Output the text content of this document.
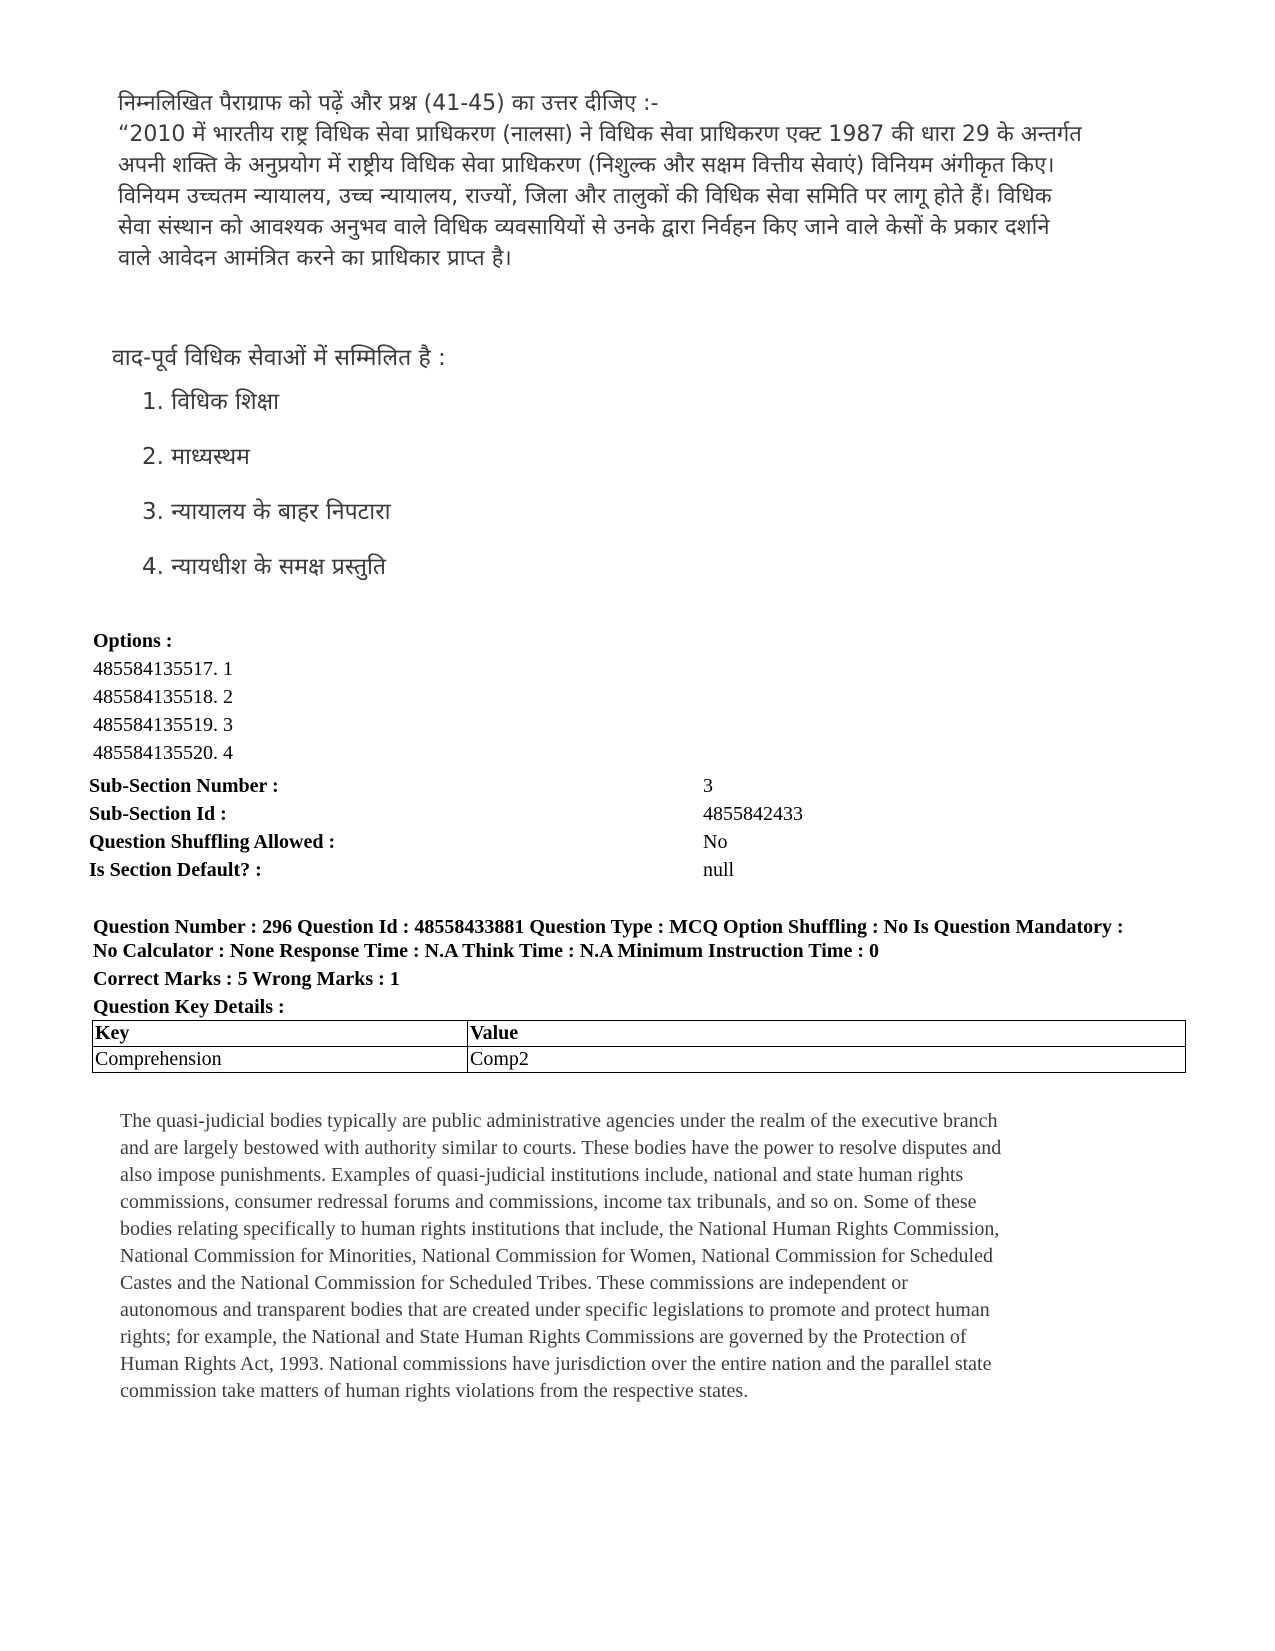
निम्नलिखित पैराग्राफ को पढ़ें और प्रश्न (41-45) का उत्तर दीजिए :-

“2010 में भारतीय राष्ट्र विधिक सेवा प्राधिकरण (नालसा) ने विधिक सेवा प्राधिकरण एक्ट 1987 की धारा 29 के अन्तर्गत

अपनी शक्ति के अनुप्रयोग में राष्ट्रीय विधिक सेवा प्राधिकरण (निशुल्क और सक्षम वित्तीय सेवाएं) विनियम अंगीकृत किए।

विनियम उच्चतम न्यायालय, उच्च न्यायालय, राज्यों, जिला और तालुकों की विधिक सेवा समिति पर लागू होते हैं। विधिक

सेवा संस्थान को आवश्यक अनुभव वाले विधिक व्यवसायियों से उनके द्वारा निर्वहन किए जाने वाले केसों के प्रकार दर्शाने

वाले आवेदन आमंत्रित करने का प्राधिकार प्राप्त है।

वाद-पूर्व विधिक सेवाओं में सम्मिलित है :

1. विधिक शिक्षा

2. माध्यस्थम

3. न्यायालय के बाहर निपटारा

4. न्यायधीश के समक्ष प्रस्तुति

Options :
485584135517. 1
485584135518. 2
485584135519. 3
485584135520. 4
Sub-Section Number :	3
Sub-Section Id :	4855842433
Question Shuffling Allowed :	No
Is Section Default? :	null
Question Number : 296 Question Id : 48558433881 Question Type : MCQ Option Shuffling : No Is Question Mandatory :
No Calculator : None Response Time : N.A Think Time : N.A Minimum Instruction Time : 0
Correct Marks : 5 Wrong Marks : 1
Question Key Details :
Key	Value
Comprehension	Comp2

The quasi-judicial bodies typically are public administrative agencies under the realm of the executive branch

and are largely bestowed with authority similar to courts. These bodies have the power to resolve disputes and

also impose punishments. Examples of quasi-judicial institutions include, national and state human rights

commissions, consumer redressal forums and commissions, income tax tribunals, and so on. Some of these

bodies relating specifically to human rights institutions that include, the National Human Rights Commission,

National Commission for Minorities, National Commission for Women, National Commission for Scheduled

Castes and the National Commission for Scheduled Tribes. These commissions are independent or

autonomous and transparent bodies that are created under specific legislations to promote and protect human

rights; for example, the National and State Human Rights Commissions are governed by the Protection of

Human Rights Act, 1993. National commissions have jurisdiction over the entire nation and the parallel state

commission take matters of human rights violations from the respective states.
